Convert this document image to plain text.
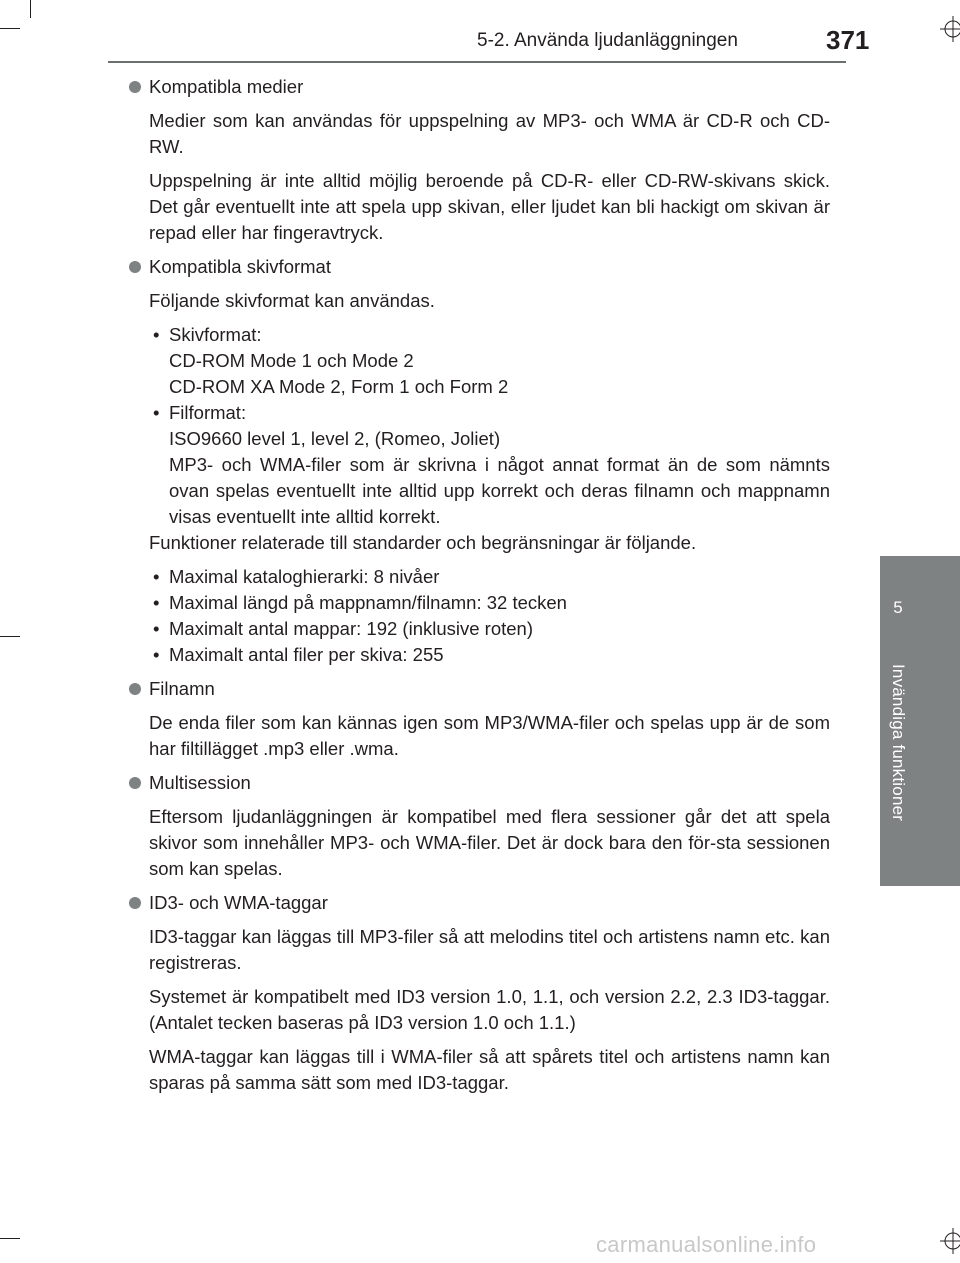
5-2. Använda ljudanläggningen	371
5
Invändiga funktioner
Kompatibla medier

Medier som kan användas för uppspelning av MP3- och WMA är CD-R och CD-RW.

Uppspelning är inte alltid möjlig beroende på CD-R- eller CD-RW-skivans skick. Det går eventuellt inte att spela upp skivan, eller ljudet kan bli hackigt om skivan är repad eller har fingeravtryck.

Kompatibla skivformat

Följande skivformat kan användas.

• Skivformat:
CD-ROM Mode 1 och Mode 2
CD-ROM XA Mode 2, Form 1 och Form 2
• Filformat:
ISO9660 level 1, level 2, (Romeo, Joliet)
MP3- och WMA-filer som är skrivna i något annat format än de som nämnts ovan spelas eventuellt inte alltid upp korrekt och deras filnamn och mappnamn visas eventuellt inte alltid korrekt.

Funktioner relaterade till standarder och begränsningar är följande.

• Maximal kataloghierarki: 8 nivåer
• Maximal längd på mappnamn/filnamn: 32 tecken
• Maximalt antal mappar: 192 (inklusive roten)
• Maximalt antal filer per skiva: 255
Filnamn

De enda filer som kan kännas igen som MP3/WMA-filer och spelas upp är de som har filtillägget .mp3 eller .wma.

Multisession

Eftersom ljudanläggningen är kompatibel med flera sessioner går det att spela skivor som innehåller MP3- och WMA-filer. Det är dock bara den för-sta sessionen som kan spelas.

ID3- och WMA-taggar

ID3-taggar kan läggas till MP3-filer så att melodins titel och artistens namn etc. kan registreras.

Systemet är kompatibelt med ID3 version 1.0, 1.1, och version 2.2, 2.3 ID3-taggar. (Antalet tecken baseras på ID3 version 1.0 och 1.1.)

WMA-taggar kan läggas till i WMA-filer så att spårets titel och artistens namn kan sparas på samma sätt som med ID3-taggar.

carmanualsonline.info
